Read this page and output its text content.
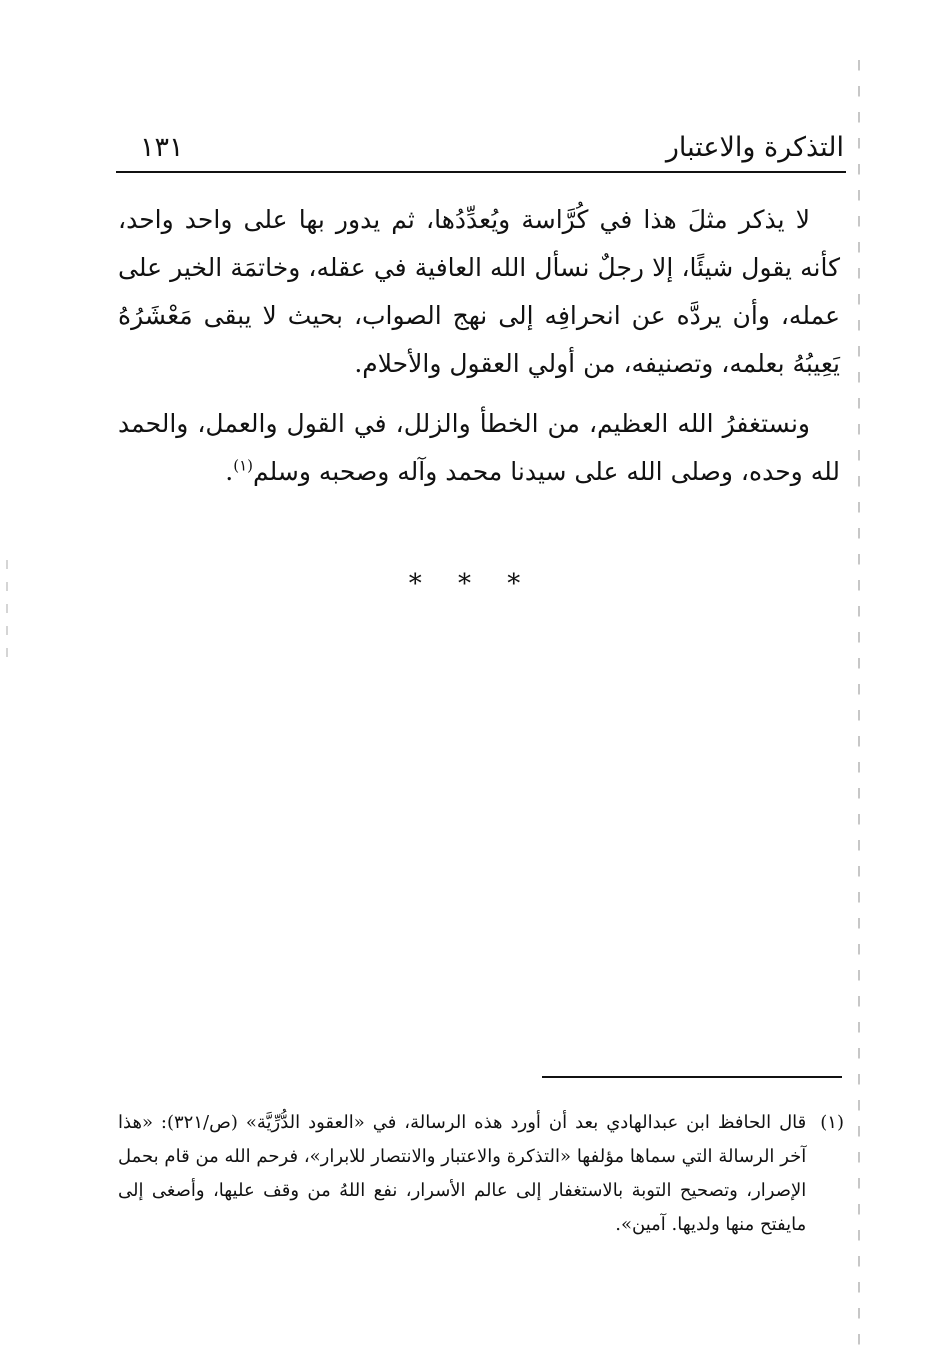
التذكرة والاعتبار
١٣١

لا يذكر مثلَ هذا في كُرَّاسة ويُعدِّدُها، ثم يدور بها على واحد واحد، كأنه يقول شيئًا، إلا رجلٌ نسأل الله العافية في عقله، وخاتمَة الخير على عمله، وأن يردَّه عن انحرافِه إلى نهج الصواب، بحيث لا يبقى مَعْشَرُهُ يَعِيبُهُ بعلمه، وتصنيفه، من أولي العقول والأحلام.

ونستغفرُ الله العظيم، من الخطأ والزلل، في القول والعمل، والحمد لله وحده، وصلى الله على سيدنا محمد وآله وصحبه وسلم$^{(١)}$.

* * *
(١)
قال الحافظ ابن عبدالهادي بعد أن أورد هذه الرسالة، في «العقود الدُّرِّيَّة» (ص/٣٢١): «هذا آخر الرسالة التي سماها مؤلفها «التذكرة والاعتبار والانتصار للابرار»، فرحم الله من قام بحمل الإصرار، وتصحيح التوبة بالاستغفار إلى عالم الأسرار، نفع اللهُ من وقف عليها، وأصغى إلى مايفتح منها ولديها. آمين».
